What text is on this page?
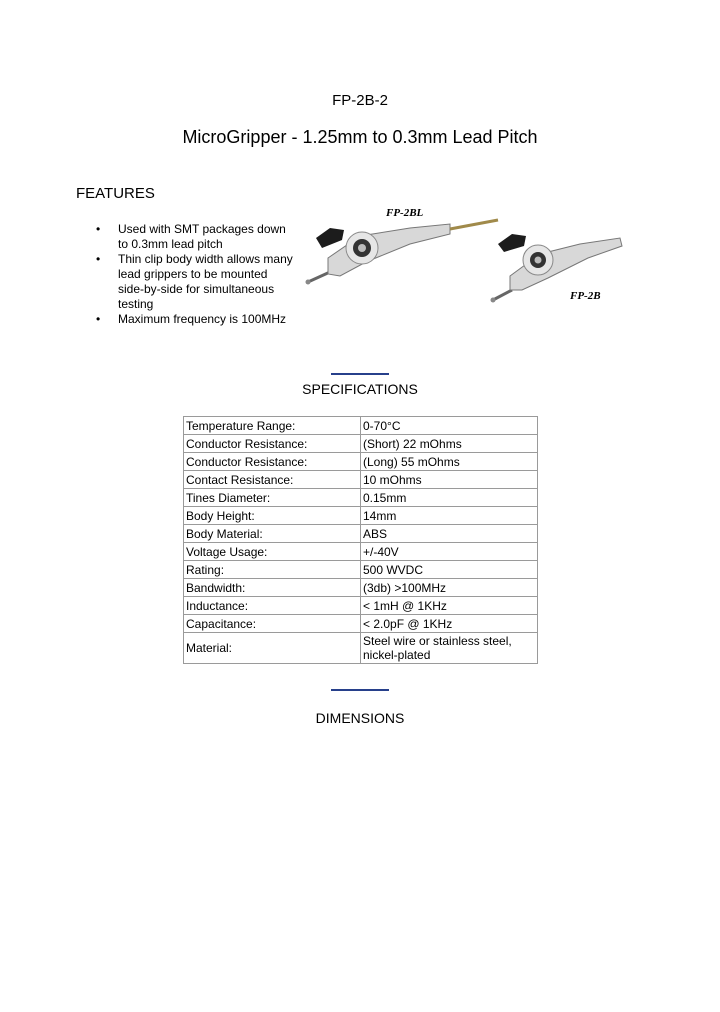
FP-2B-2
MicroGripper - 1.25mm to 0.3mm Lead Pitch
FEATURES
• Used with SMT packages down to 0.3mm lead pitch
• Thin clip body width allows many lead grippers to be mounted side-by-side for simultaneous testing
• Maximum frequency is 100MHz
FP-2BL
FP-2B
SPECIFICATIONS
Temperature Range:	0-70°C
Conductor Resistance:	(Short) 22 mOhms
Conductor Resistance:	(Long) 55 mOhms
Contact Resistance:	10 mOhms
Tines Diameter:	0.15mm
Body Height:	14mm
Body Material:	ABS
Voltage Usage:	+/-40V
Rating:	500 WVDC
Bandwidth:	(3db) >100MHz
Inductance:	< 1mH @ 1KHz
Capacitance:	< 2.0pF @ 1KHz
Material:	Steel wire or stainless steel, nickel-plated
DIMENSIONS
